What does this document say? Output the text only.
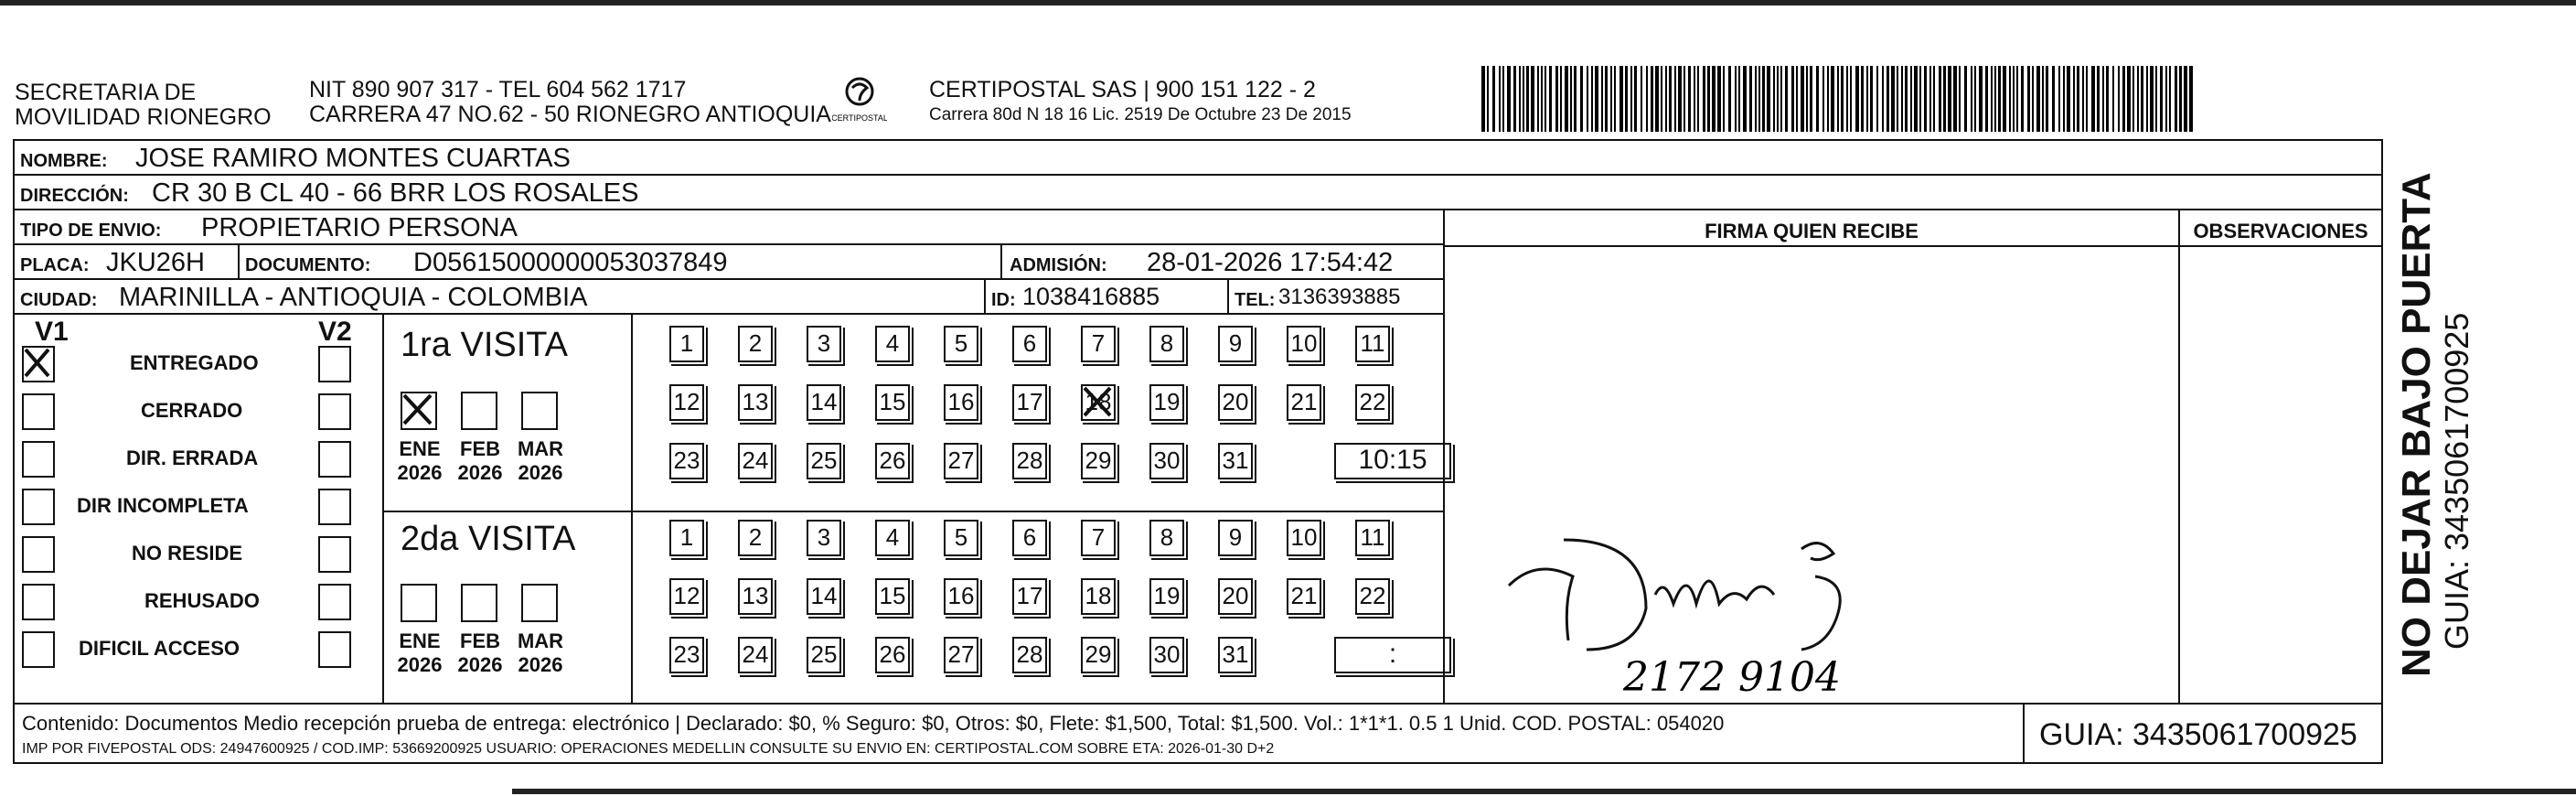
SECRETARIA DE
MOVILIDAD RIONEGRO
NIT 890 907 317 - TEL 604 562 1717
CARRERA 47 NO.62 - 50 RIONEGRO ANTIOQUIA CERTIPOSTAL
CERTIPOSTAL SAS | 900 151 122 - 2
Carrera 80d N 18 16 Lic. 2519 De Octubre 23 De 2015
NOMBRE: JOSE RAMIRO MONTES CUARTAS
DIRECCIÓN: CR 30 B CL 40 - 66 BRR LOS ROSALES
TIPO DE ENVIO: PROPIETARIO PERSONA
PLACA: JKU26H DOCUMENTO: D05615000000053037849	ADMISIÓN: 28-01-2026 17:54:42
CIUDAD: MARINILLA - ANTIOQUIA - COLOMBIA	ID: 1038416885	TEL: 3136393885
FIRMA QUIEN RECIBE	OBSERVACIONES
V1	V2
ENTREGADO
CERRADO
DIR. ERRADA
DIR INCOMPLETA
NO RESIDE
REHUSADO
DIFICIL ACCESO
1ra VISITA
2da VISITA
ENE
2026
FEB
2026
MAR
2026
ENE
2026
FEB
2026
MAR
2026
1	2	3	4	5	6	7	8	9	10 11
12 13 14 15 16 17 18 19 20 21 22
23 24 25 26 27 28 29 30 31	10:15
1	2	3	4	5	6	7	8	9	10 11
12 13 14 15 16 17 18 19 20 21 22
23 24 25 26 27 28 29 30 31	:
2172 9104
Contenido: Documentos Medio recepción prueba de entrega: electrónico | Declarado: $0, % Seguro: $0, Otros: $0, Flete: $1,500, Total: $1,500. Vol.: 1*1*1. 0.5 1 Unid. COD. POSTAL: 054020
IMP POR FIVEPOSTAL ODS: 24947600925 / COD.IMP: 53669200925 USUARIO: OPERACIONES MEDELLIN CONSULTE SU ENVIO EN: CERTIPOSTAL.COM SOBRE ETA: 2026-01-30 D+2	GUIA: 3435061700925
NO DEJAR BAJO PUERTA GUIA: 3435061700925
